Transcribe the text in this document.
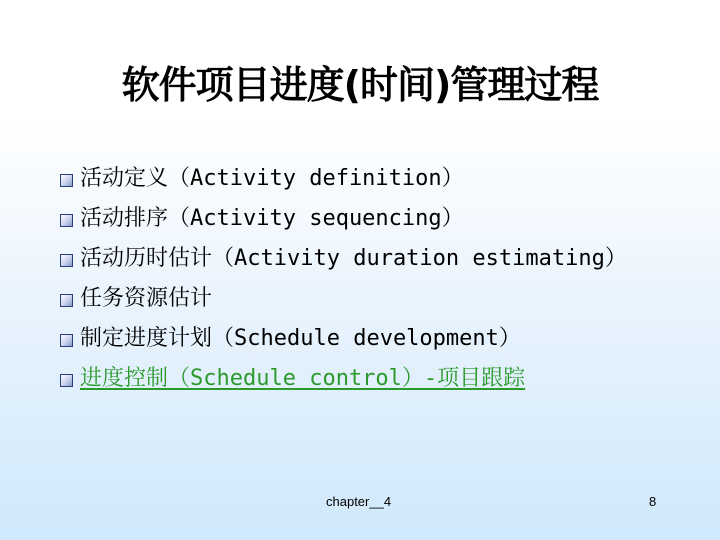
软件项目进度(时间)管理过程
活动定义（Activity definition）
活动排序（Activity sequencing）
活动历时估计（Activity duration estimating）
任务资源估计
制定进度计划（Schedule development）
进度控制（Schedule control）-项目跟踪
chapter__4	8
